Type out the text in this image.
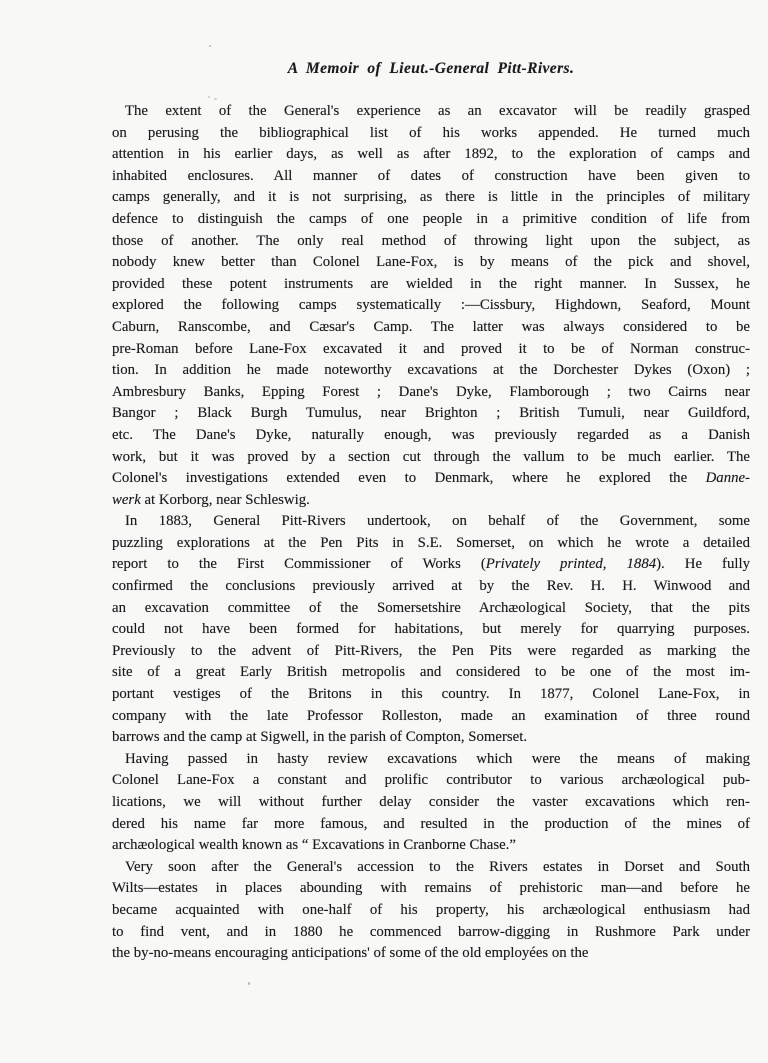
A Memoir of Lieut.-General Pitt-Rivers.
The extent of the General's experience as an excavator will be readily grasped
on perusing the bibliographical list of his works appended. He turned much
attention in his earlier days, as well as after 1892, to the exploration of camps and
inhabited enclosures. All manner of dates of construction have been given to
camps generally, and it is not surprising, as there is little in the principles of military
defence to distinguish the camps of one people in a primitive condition of life from
those of another. The only real method of throwing light upon the subject, as
nobody knew better than Colonel Lane-Fox, is by means of the pick and shovel,
provided these potent instruments are wielded in the right manner. In Sussex, he
explored the following camps systematically :—Cissbury, Highdown, Seaford, Mount
Caburn, Ranscombe, and Cæsar's Camp. The latter was always considered to be
pre-Roman before Lane-Fox excavated it and proved it to be of Norman construc-
tion. In addition he made noteworthy excavations at the Dorchester Dykes (Oxon) ;
Ambresbury Banks, Epping Forest ; Dane's Dyke, Flamborough ; two Cairns near
Bangor ; Black Burgh Tumulus, near Brighton ; British Tumuli, near Guildford,
etc. The Dane's Dyke, naturally enough, was previously regarded as a Danish
work, but it was proved by a section cut through the vallum to be much earlier. The
Colonel's investigations extended even to Denmark, where he explored the Danne-
werk at Korborg, near Schleswig.
In 1883, General Pitt-Rivers undertook, on behalf of the Government, some
puzzling explorations at the Pen Pits in S.E. Somerset, on which he wrote a detailed
report to the First Commissioner of Works (Privately printed, 1884). He fully
confirmed the conclusions previously arrived at by the Rev. H. H. Winwood and
an excavation committee of the Somersetshire Archæological Society, that the pits
could not have been formed for habitations, but merely for quarrying purposes.
Previously to the advent of Pitt-Rivers, the Pen Pits were regarded as marking the
site of a great Early British metropolis and considered to be one of the most im-
portant vestiges of the Britons in this country. In 1877, Colonel Lane-Fox, in
company with the late Professor Rolleston, made an examination of three round
barrows and the camp at Sigwell, in the parish of Compton, Somerset.
Having passed in hasty review excavations which were the means of making
Colonel Lane-Fox a constant and prolific contributor to various archæological pub-
lications, we will without further delay consider the vaster excavations which ren-
dered his name far more famous, and resulted in the production of the mines of
archæological wealth known as “ Excavations in Cranborne Chase.”
Very soon after the General's accession to the Rivers estates in Dorset and South
Wilts—estates in places abounding with remains of prehistoric man—and before he
became acquainted with one-half of his property, his archæological enthusiasm had
to find vent, and in 1880 he commenced barrow-digging in Rushmore Park under
the by-no-means encouraging anticipations' of some of the old employées on the
